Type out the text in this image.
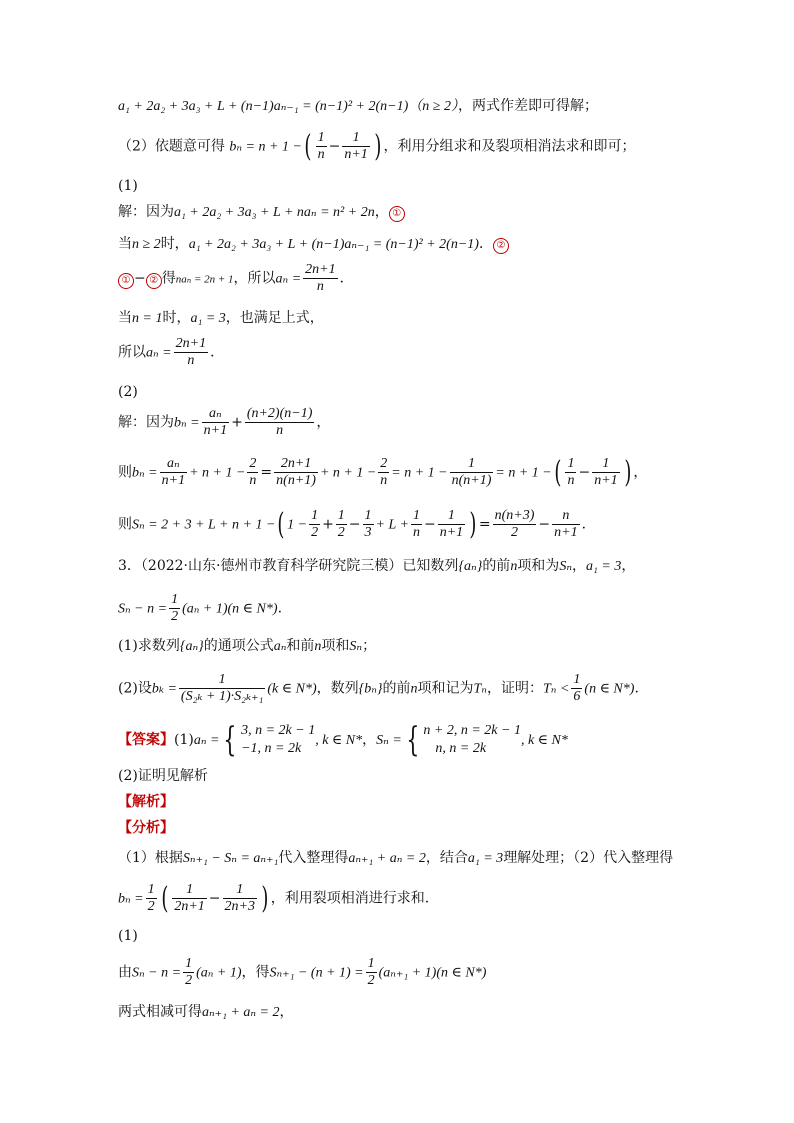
a₁ + 2a₂ + 3a₃ + L + (n−1)aₙ₋₁ = (n−1)² + 2(n−1)（n ≥ 2），两式作差即可得解；
（2）依题意可得 bₙ = n + 1 −( $\frac{1}{n} - \frac{1}{n+1}$ ) ，利用分组求和及裂项相消法求和即可；
(1)
解：因为a₁ + 2a₂ + 3a₃ + L + naₙ = n² + 2n， ①
当n ≥ 2时，a₁ + 2a₂ + 3a₃ + L + (n−1)aₙ₋₁ = (n−1)² + 2(n−1)． ②
① − ② 得naₙ = 2n + 1，所以$a_n = \frac{2n+1}{n}$ ．
当n = 1时，a₁ = 3，也满足上式，
所以$a_n = \frac{2n+1}{n}$ ．
(2)
解：因为$b_n = \frac{\text{aₙ}}{n+1} + \frac{(n+2)(n-1)}{n}$ ，
则$b_n = \frac{\text{aₙ}}{n+1} + n + 1 - \frac{2}{n} = \frac{2n+1}{n(n+1)} + n + 1 - \frac{2}{n} = n + 1 - \frac{1}{n(n+1)} = n + 1$ −( $\frac{1}{n} - \frac{1}{n+1}$ ) ，
则Sₙ = 2 + 3 + L + n + 1 −( $1 - \frac{1}{2} + \frac{1}{2} - \frac{1}{3} + L + \frac{1}{n} - \frac{1}{n+1}$ ) = $\frac{n(n+3)}{2} - \frac{n}{n+1}$ ．
3．（2022·山东·德州市教育科学研究院三模）已知数列{aₙ}的前n项和为Sₙ，a₁ = 3，
$S_n - n = \frac{1}{2} (a_n + 1)(n$ ∈ N*).
(1)求数列{aₙ}的通项公式aₙ和前n项和Sₙ；
(2)设$b_k = \frac{1}{\text{(S₂ₖ + 1)·S₂ₖ₊₁}} (k$ ∈ N*)，数列{bₙ}的前n项和记为Tₙ，证明：$T_n < \frac{1}{6} (n$ ∈ N*).
【答案】(1)aₙ = { 3, n = 2k − 1
−1, n = 2k
, k ∈ N*，Sₙ = { n + 2, n = 2k − 1
n, n = 2k
, k ∈ N*
(2)证明见解析
【解析】
【分析】
（1）根据Sₙ₊₁ − Sₙ = aₙ₊₁代入整理得aₙ₊₁ + aₙ = 2，结合a₁ = 3理解处理；（2）代入整理得
$b_n = \frac{1}{2}$ ( $\frac{1}{2n+1} - \frac{1}{2n+3}$ ) ，利用裂项相消进行求和.
(1)
由$S_n - n = \frac{1}{2} (a_n + 1)$，得$S_{n+1} - (n + 1) = \frac{1}{2} (a_{n+1} + 1)(n$ ∈ N*)
两式相减可得aₙ₊₁ + aₙ = 2，
